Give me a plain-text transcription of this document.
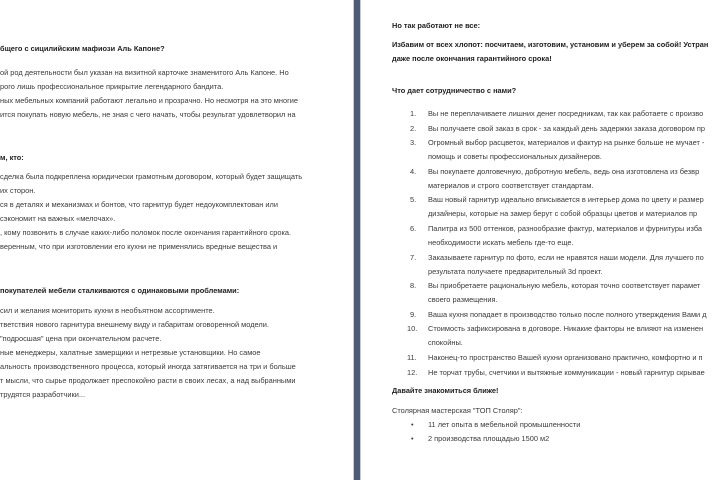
бщего с сицилийским мафиози Аль Капоне?
ой род деятельности был указан на визитной карточке знаменитого Аль Капоне. Но
рого лишь профессиональное прикрытие легендарного бандита.
ных мебельных компаний работают легально и прозрачно. Но несмотря на это многие
ится покупать новую мебель, не зная с чего начать, чтобы результат удовлетворил на
м, кто:
сделка была подкреплена юридически грамотным договором, который будет защищать
их сторон.
ся в деталях и механизмах и бонтов, что гарнитур будет недоукомплектован или
сэкономит на важных «мелочах».
, кому позвонить в случае каких-либо поломок после окончания гарантийного срока.
веренным, что при изготовлении его кухни не применялись вредные вещества и
покупателей мебели сталкиваются с одинаковыми проблемами:
сил и желания мониторить кухни в необъятном ассортименте.
тветствия нового гарнитура внешнему виду и габаритам оговоренной модели.
"подросшая" цена при окончательном расчете.
ные менеджеры, халатные замерщики и нетрезвые установщики. Но самое
альность производственного процесса, который иногда затягивается на три и больше
т мысли, что сырье продолжает преспокойно расти в своих лесах, а над выбранными
трудятся разработчики...
Но так работают не все:
Избавим от всех хлопот: посчитаем, изготовим, установим и уберем за собой! Устран
даже после окончания гарантийного срока!
Что дает сотрудничество с нами?
1. Вы не переплачиваете лишних денег посредникам, так как работаете с произво
2. Вы получаете свой заказ в срок - за каждый день задержки заказа договором пр
3. Огромный выбор расцветок, материалов и фактур на рынке больше не мучает -
помощь и советы профессиональных дизайнеров.
4. Вы покупаете долговечную, добротную мебель, ведь она изготовлена из безвр
материалов и строго соответствует стандартам.
5. Ваш новый гарнитур идеально вписывается в интерьер дома по цвету и размер
дизайнеры, которые на замер берут с собой образцы цветов и материалов пр
6. Палитра из 500 оттенков, разнообразие фактур, материалов и фурнитуры изба
необходимости искать мебель где-то еще.
7. Заказываете гарнитур по фото, если не нравятся наши модели. Для лучшего по
результата получаете предварительный 3d проект.
8. Вы приобретаете рациональную мебель, которая точно соответствует парамет
своего размещения.
9. Ваша кухня попадает в производство только после полного утверждения Вами д
10. Стоимость зафиксирована в договоре. Никакие факторы не влияют на изменен
спокойны.
11. Наконец-то пространство Вашей кухни организовано практично, комфортно и п
12. Не торчат трубы, счетчики и вытяжные коммуникации - новый гарнитур скрывае
Давайте знакомиться ближе!
Столярная мастерская "ТОП Столяр":
• 11 лет опыта в мебельной промышленности
• 2 производства площадью 1500 м2
